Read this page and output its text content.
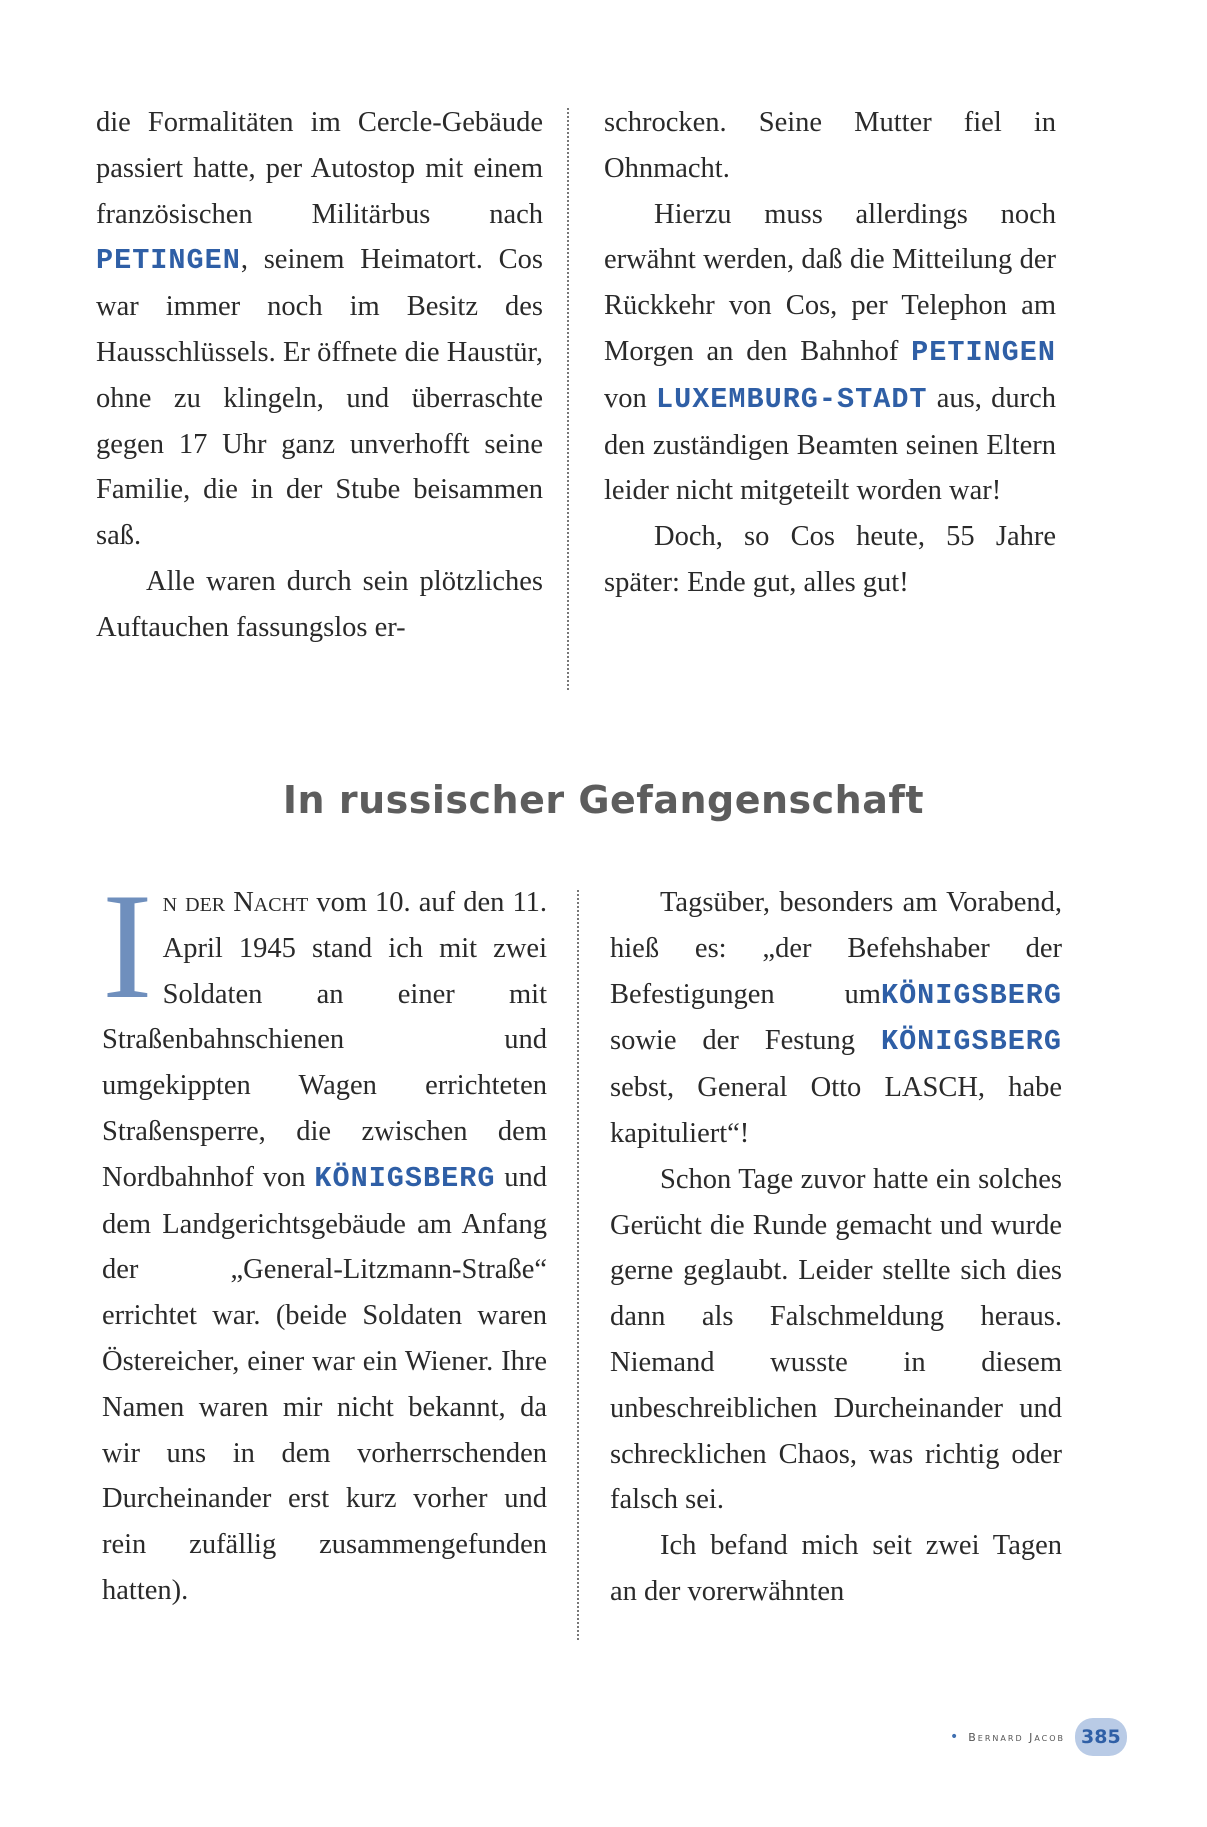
die Formalitäten im Cercle-Gebäude passiert hatte, per Autostop mit einem französischen Militärbus nach PETINGEN, seinem Heimatort. Cos war immer noch im Besitz des Hausschlüssels. Er öffnete die Haustür, ohne zu klingeln, und überraschte gegen 17 Uhr ganz unverhofft seine Familie, die in der Stube beisammen saß.

Alle waren durch sein plötzliches Auftauchen fassungslos er-

schrocken. Seine Mutter fiel in Ohnmacht.

Hierzu muss allerdings noch erwähnt werden, daß die Mitteilung der Rückkehr von Cos, per Telephon am Morgen an den Bahnhof PETINGEN von LUXEMBURG-STADT aus, durch den zuständigen Beamten seinen Eltern leider nicht mitgeteilt worden war!

Doch, so Cos heute, 55 Jahre später: Ende gut, alles gut!

In russischer Gefangenschaft

In der Nacht vom 10. auf den 11. April 1945 stand ich mit zwei Soldaten an einer mit Straßenbahnschienen und umgekippten Wagen errichteten Straßensperre, die zwischen dem Nordbahnhof von KÖNIGSBERG und dem Landgerichtsgebäude am Anfang der „General-Litzmann-Straße“ errichtet war. (beide Soldaten waren Östereicher, einer war ein Wiener. Ihre Namen waren mir nicht bekannt, da wir uns in dem vorherrschenden Durcheinander erst kurz vorher und rein zufällig zusammengefunden hatten).

Tagsüber, besonders am Vorabend, hieß es: „der Befehshaber der Befestigungen umKÖNIGSBERG sowie der Festung KÖNIGSBERG sebst, General Otto LASCH, habe kapituliert“!

Schon Tage zuvor hatte ein solches Gerücht die Runde gemacht und wurde gerne geglaubt. Leider stellte sich dies dann als Falschmeldung heraus. Niemand wusste in diesem unbeschreiblichen Durcheinander und schrecklichen Chaos, was richtig oder falsch sei.

Ich befand mich seit zwei Tagen an der vorerwähnten

• Bernard Jacob 385
